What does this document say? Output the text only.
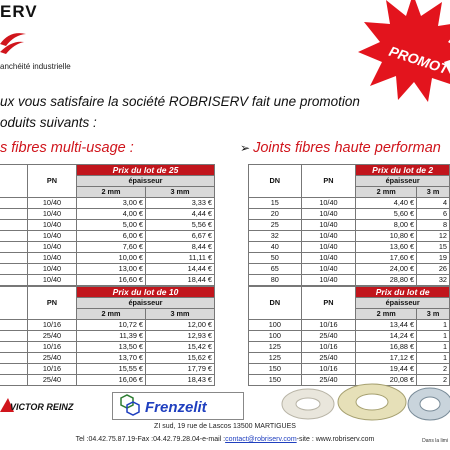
ERV
anchéité industrielle	PROMOT
ux vous satisfaire la société ROBRISERV fait une promotion
oduits suivants :
s fibres multi-usage :	➢ Joints fibres haute performan
	PN	Prix du lot de 25	
		épaisseur	
		2 mm	3 mm
	10/40	3,00 €	3,33 €
	10/40	4,00 €	4,44 €
	10/40	5,00 €	5,56 €
	10/40	6,00 €	6,67 €
	10/40	7,60 €	8,44 €
	10/40	10,00 €	11,11 €
	10/40	13,00 €	14,44 €
	10/40	16,60 €	18,44 €
	PN	Prix du lot de 10	
		épaisseur	
		2 mm	3 mm
	10/16	10,72 €	12,00 €
	25/40	11,39 €	12,93 €
	10/16	13,50 €	15,42 €
	25/40	13,70 €	15,62 €
	10/16	15,55 €	17,79 €
	25/40	16,06 €	18,43 €
DN	PN	Prix du lot de 2	
		épaisseur	
		2 mm	3 m
15	10/40	4,40 €	4
20	10/40	5,60 €	6
25	10/40	8,00 €	8
32	10/40	10,80 €	12
40	10/40	13,60 €	15
50	10/40	17,60 €	19
65	10/40	24,00 €	26
80	10/40	28,80 €	32
DN	PN	Prix du lot de	
		épaisseur	
		2 mm	3 m
100	10/16	13,44 €	1
100	25/40	14,24 €	1
125	10/16	16,88 €	1
125	25/40	17,12 €	1
150	10/16	19,44 €	2
150	25/40	20,08 €	2
VICTOR REINZ	Frenzelit
ZI sud, 19 rue de Lascos 13500 MARTIGUES
Tel :04.42.75.87.19-Fax :04.42.79.28.04-e-mail :contact@robriserv.com-site : www.robriserv.com	Dans la limi
